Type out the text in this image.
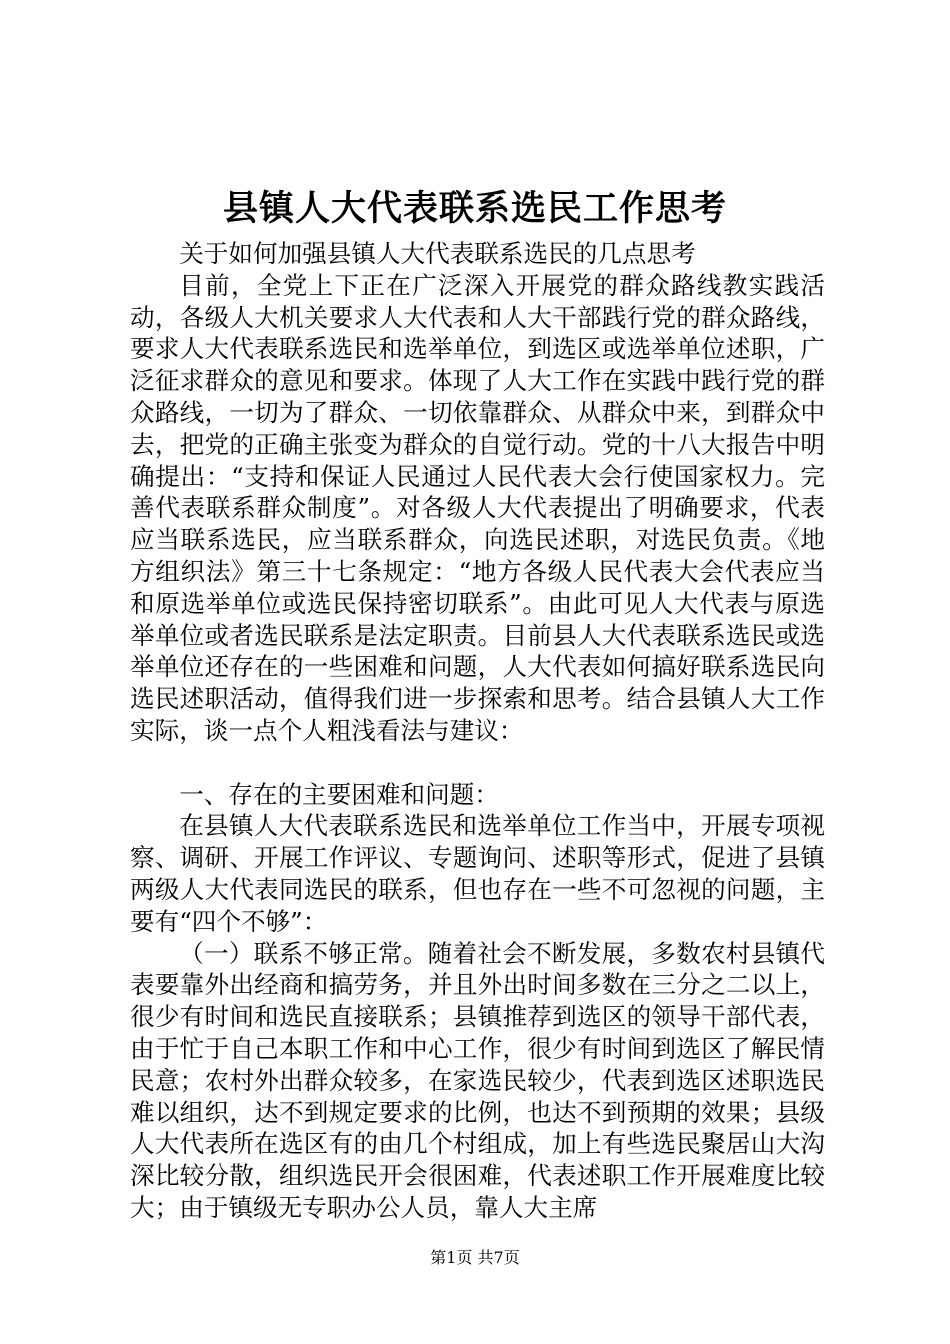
县镇人大代表联系选民工作思考

关于如何加强县镇人大代表联系选民的几点思考

目前，全党上下正在广泛深入开展党的群众路线教实践活动，各级人大机关要求人大代表和人大干部践行党的群众路线，要求人大代表联系选民和选举单位，到选区或选举单位述职，广泛征求群众的意见和要求。体现了人大工作在实践中践行党的群众路线，一切为了群众、一切依靠群众、从群众中来，到群众中去，把党的正确主张变为群众的自觉行动。党的十八大报告中明确提出：“支持和保证人民通过人民代表大会行使国家权力。完善代表联系群众制度”。对各级人大代表提出了明确要求，代表应当联系选民，应当联系群众，向选民述职，对选民负责。《地方组织法》第三十七条规定：“地方各级人民代表大会代表应当和原选举单位或选民保持密切联系”。由此可见人大代表与原选举单位或者选民联系是法定职责。目前县人大代表联系选民或选举单位还存在的一些困难和问题，人大代表如何搞好联系选民向选民述职活动，值得我们进一步探索和思考。结合县镇人大工作实际，谈一点个人粗浅看法与建议：

一、存在的主要困难和问题：

在县镇人大代表联系选民和选举单位工作当中，开展专项视察、调研、开展工作评议、专题询问、述职等形式，促进了县镇两级人大代表同选民的联系，但也存在一些不可忽视的问题，主要有“四个不够”：

（一）联系不够正常。随着社会不断发展，多数农村县镇代表要靠外出经商和搞劳务，并且外出时间多数在三分之二以上，很少有时间和选民直接联系；县镇推荐到选区的领导干部代表，由于忙于自己本职工作和中心工作，很少有时间到选区了解民情民意；农村外出群众较多，在家选民较少，代表到选区述职选民难以组织，达不到规定要求的比例，也达不到预期的效果；县级人大代表所在选区有的由几个村组成，加上有些选民聚居山大沟深比较分散，组织选民开会很困难，代表述职工作开展难度比较大；由于镇级无专职办公人员，靠人大主席

第1页 共7页
